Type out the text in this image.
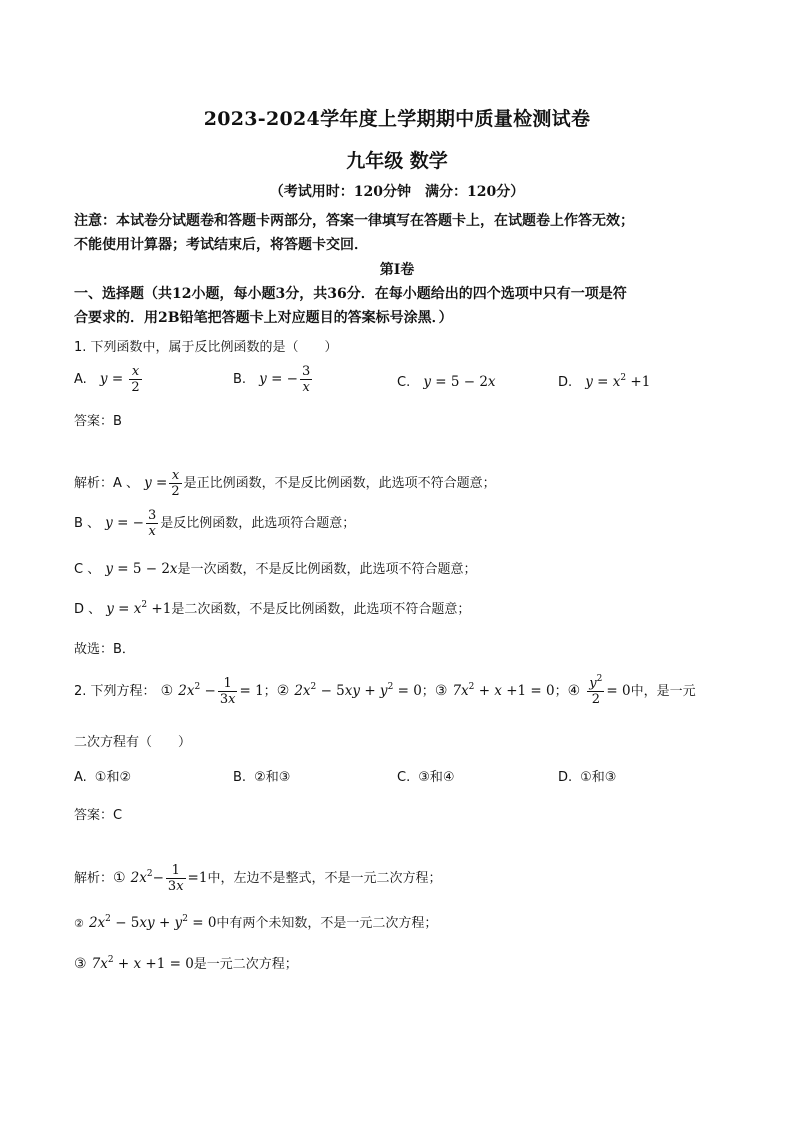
2023-2024学年度上学期期中质量检测试卷
九年级 数学
（考试用时：120分钟　满分：120分）
注意：本试卷分试题卷和答题卡两部分，答案一律填写在答题卡上，在试题卷上作答无效；
不能使用计算器；考试结束后，将答题卡交回．
第Ⅰ卷
一、选择题（共12小题，每小题3分，共36分．在每小题给出的四个选项中只有一项是符
合要求的．用2B铅笔把答题卡上对应题目的答案标号涂黑．）
1. 下列函数中，属于反比例函数的是（　　）
A. $y = \frac{x}{2}$	B. y = − $\frac{3}{x}$	C. y = 5 − 2x	D. $y = x^2 +1$
答案：B
解析：A 、 $y = \frac{x}{2}$ 是正比例函数，不是反比例函数，此选项不符合题意；
B 、 y = − $\frac{3}{x}$ 是反比例函数，此选项符合题意；
C 、 y = 5 − 2x是一次函数，不是反比例函数，此选项不符合题意；
D 、 $y = x^2 +1$是二次函数，不是反比例函数，此选项不符合题意；
故选：B．
2. 下列方程： ① $2x^2 - \frac{1}{3x} = 1$；② $2x^2 - 5xy + y^2 = 0$；③ $7x^2 + x +1 = 0$；④ $\frac{y^2}{2} = 0$中，是一元
二次方程有（　　）
A. ①和②	B. ②和③	C. ③和④	D. ①和③
答案：C
解析：① $2x^2- \frac{1}{3x} =1$中，左边不是整式，不是一元二次方程；
② $2x^2 - 5xy + y^2 = 0$中有两个未知数，不是一元二次方程；
③ $7x^2 + x +1 = 0$是一元二次方程；
